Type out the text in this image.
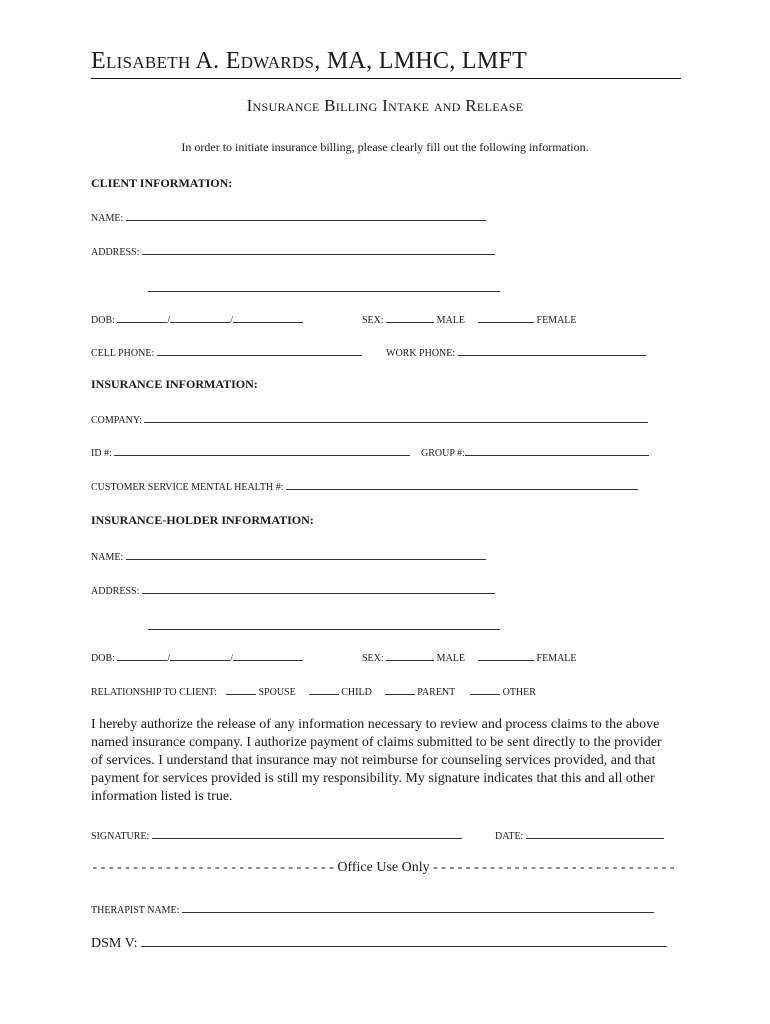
Elisabeth A. Edwards, MA, LMHC, LMFT
Insurance Billing Intake and Release
In order to initiate insurance billing, please clearly fill out the following information.
CLIENT INFORMATION:
NAME:
ADDRESS:
DOB:	/	/	SEX:	MALE	FEMALE
CELL PHONE:	WORK PHONE:
INSURANCE INFORMATION:
COMPANY:
ID #:	GROUP #:
CUSTOMER SERVICE MENTAL HEALTH #:
INSURANCE-HOLDER INFORMATION:
NAME:
ADDRESS:
DOB:	/	/	SEX:	MALE	FEMALE
RELATIONSHIP TO CLIENT:	SPOUSE	CHILD	PARENT	OTHER
I hereby authorize the release of any information necessary to review and process claims to the above named insurance company. I authorize payment of claims submitted to be sent directly to the provider of services. I understand that insurance may not reimburse for counseling services provided, and that payment for services provided is still my responsibility. My signature indicates that this and all other information listed is true.
SIGNATURE:	DATE:
- - - - - - - - - - - - - - - - - - - - - - - - - - - - - - Office Use Only - - - - - - - - - - - - - - - - - - - - - - - - - - - - - -
THERAPIST NAME:
DSM V:
